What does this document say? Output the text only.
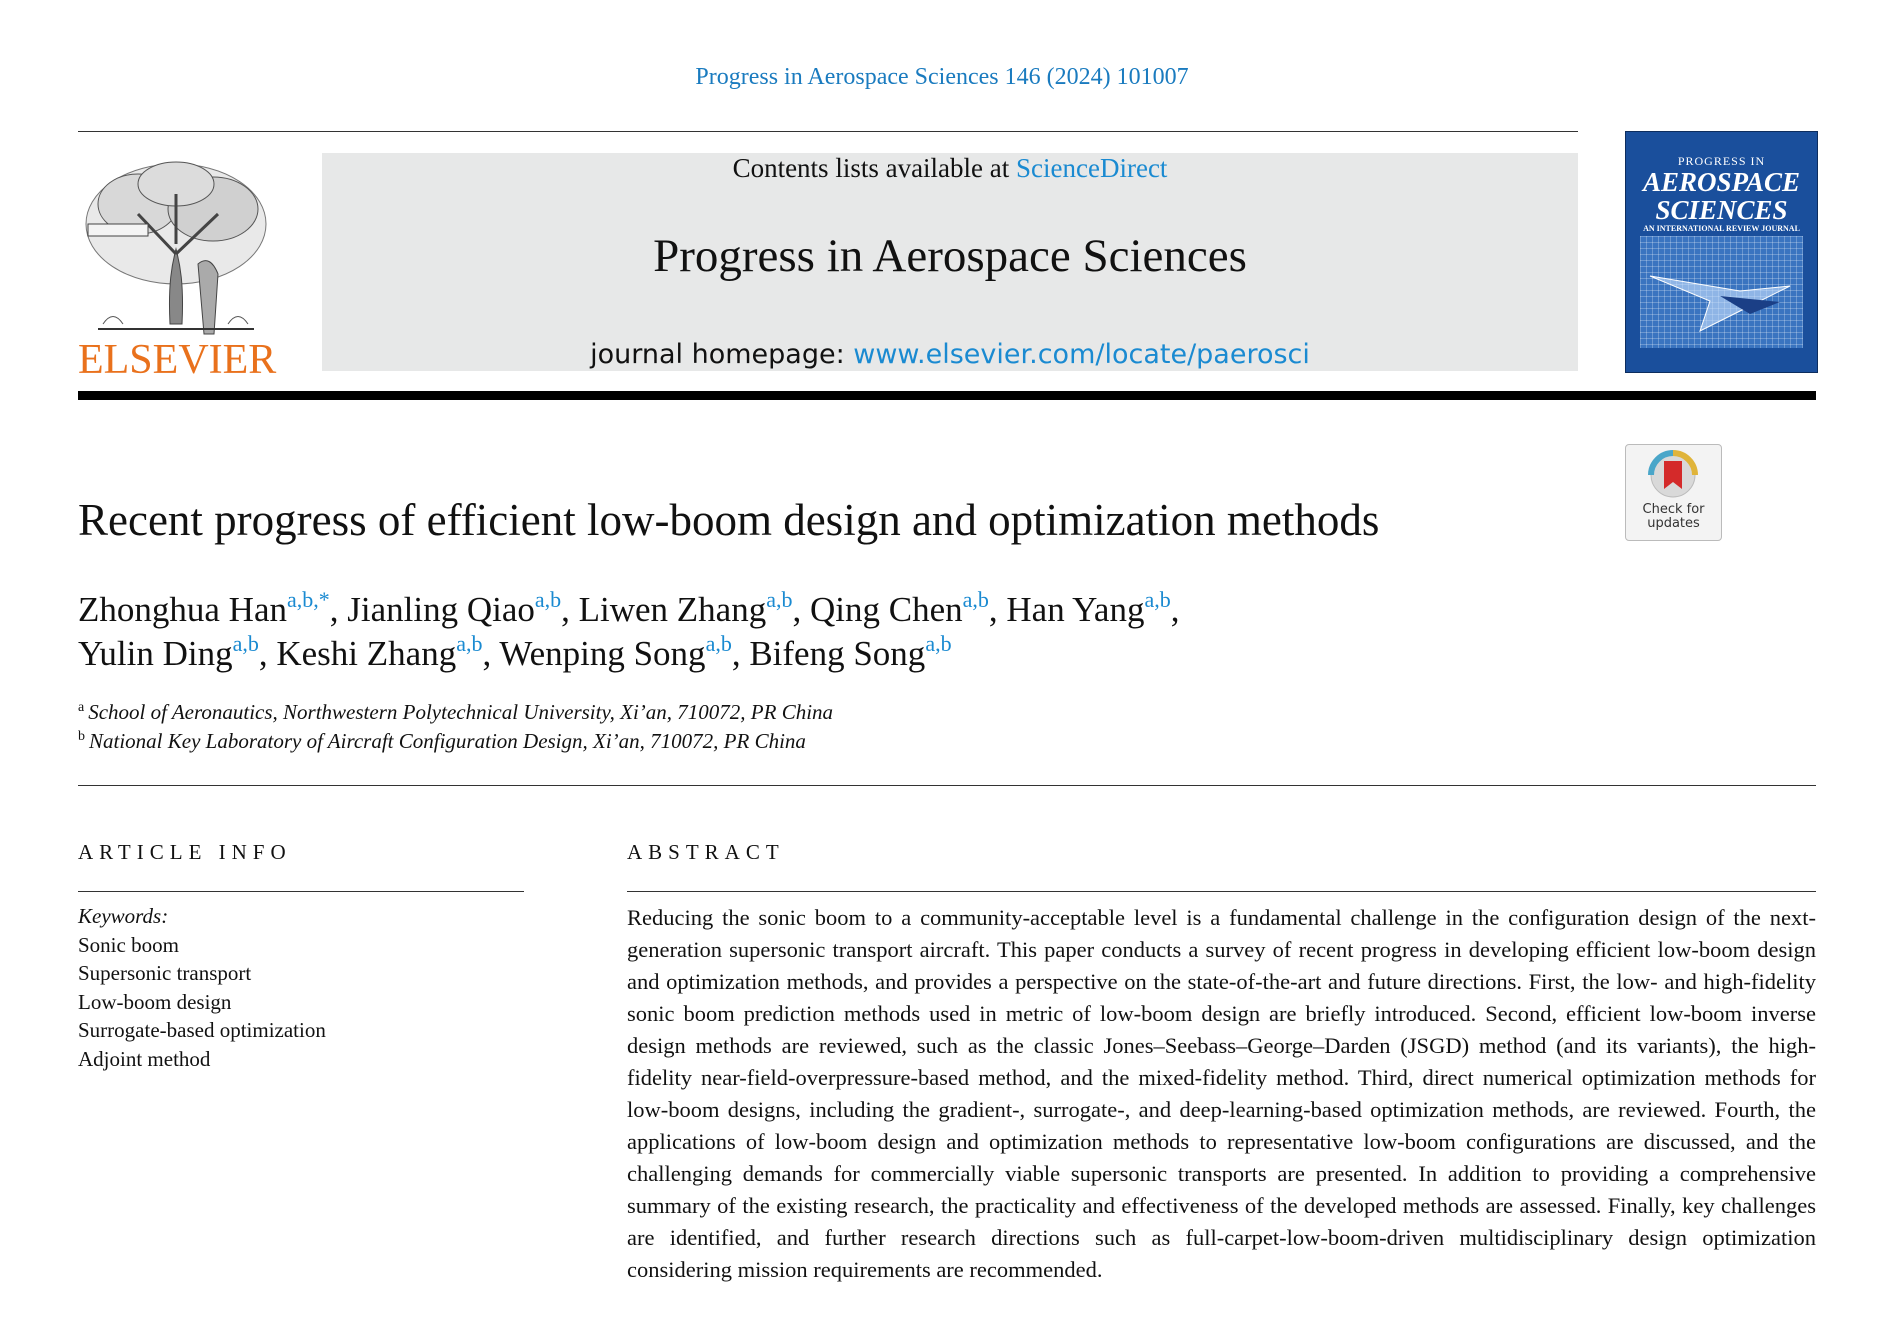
Progress in Aerospace Sciences 146 (2024) 101007
ELSEVIER
Contents lists available at ScienceDirect
Progress in Aerospace Sciences
journal homepage: www.elsevier.com/locate/paerosci
PROGRESS IN
AEROSPACE
SCIENCES
AN INTERNATIONAL REVIEW JOURNAL
Check for
updates
Recent progress of efficient low-boom design and optimization methods
Zhonghua Han$^{a,b,*}$, Jianling Qiao$^{a,b}$, Liwen Zhang$^{a,b}$, Qing Chen$^{a,b}$, Han Yang$^{a,b}$,
Yulin Ding$^{a,b}$, Keshi Zhang$^{a,b}$, Wenping Song$^{a,b}$, Bifeng Song$^{a,b}$
$^a$ School of Aeronautics, Northwestern Polytechnical University, Xi’an, 710072, PR China
$^b$ National Key Laboratory of Aircraft Configuration Design, Xi’an, 710072, PR China
ARTICLE INFO	ABSTRACT
Keywords:
Sonic boom
Supersonic transport
Low-boom design
Surrogate-based optimization
Adjoint method
Reducing the sonic boom to a community-acceptable level is a fundamental challenge in the configuration design of the next-generation supersonic transport aircraft. This paper conducts a survey of recent progress in developing efficient low-boom design and optimization methods, and provides a perspective on the state-of-the-art and future directions. First, the low- and high-fidelity sonic boom prediction methods used in metric of low-boom design are briefly introduced. Second, efficient low-boom inverse design methods are reviewed, such as the classic Jones–Seebass–George–Darden (JSGD) method (and its variants), the high-fidelity near-field-overpressure-based method, and the mixed-fidelity method. Third, direct numerical optimization methods for low-boom designs, including the gradient-, surrogate-, and deep-learning-based optimization methods, are reviewed. Fourth, the applications of low-boom design and optimization methods to representative low-boom configurations are discussed, and the challenging demands for commercially viable supersonic transports are presented. In addition to providing a comprehensive summary of the existing research, the practicality and effectiveness of the developed methods are assessed. Finally, key challenges are identified, and further research directions such as full-carpet-low-boom-driven multidisciplinary design optimization considering mission requirements are recommended.
